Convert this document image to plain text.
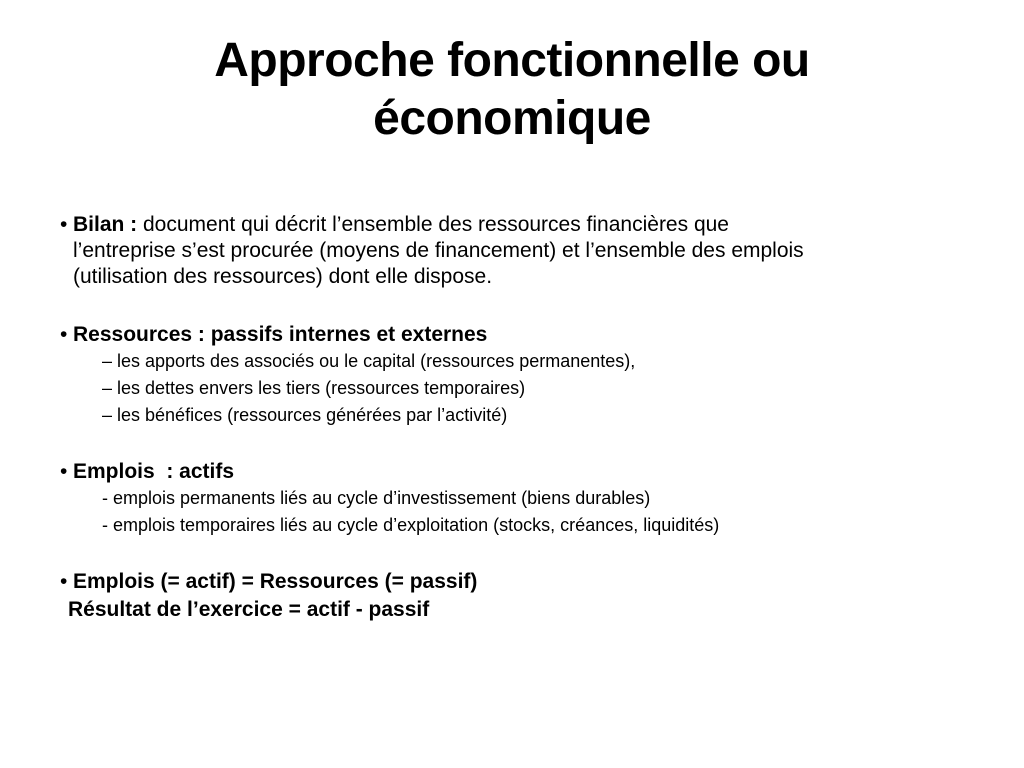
Approche fonctionnelle ou
économique
• Bilan : document qui décrit l’ensemble des ressources financières que
l’entreprise s’est procurée (moyens de financement) et l’ensemble des emplois
(utilisation des ressources) dont elle dispose.
• Ressources : passifs internes et externes
– les apports des associés ou le capital (ressources permanentes),
– les dettes envers les tiers (ressources temporaires)
– les bénéfices (ressources générées par l’activité)
• Emplois  : actifs
- emplois permanents liés au cycle d’investissement (biens durables)
- emplois temporaires liés au cycle d’exploitation (stocks, créances, liquidités)
• Emplois (= actif) = Ressources (= passif)
Résultat de l’exercice = actif - passif
